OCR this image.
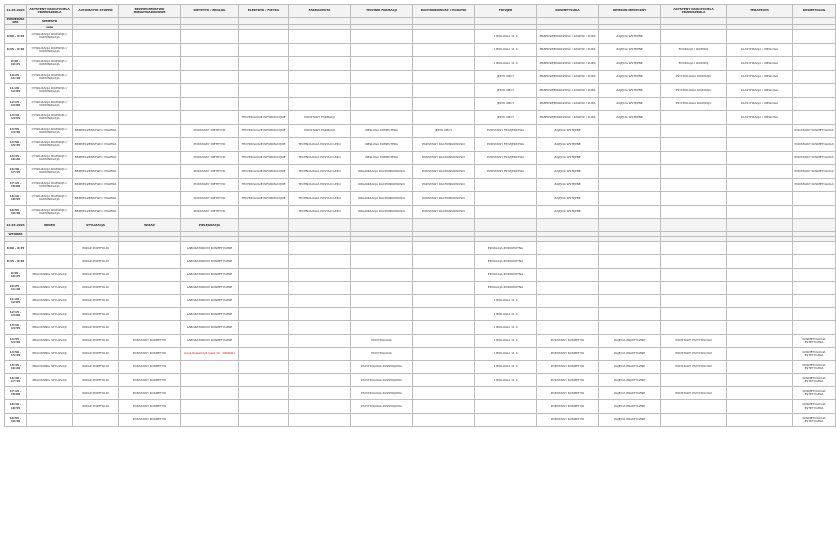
11.03.2024	ASYSTENT NAUCZYCIELA PRZEDSZKOLA	AUTOMATYK STOPEŃ	BEZPIECZEŃSTWO MIĘDZYNARODOWE	DIETETYK / EKOLOG	ELEKTRYK / FIZYKA	FARMACEUTA	TECHNIK FARMACJI	RACHUNKOWOŚĆ I PODATKI	FRYZJER	KOSMETYCZKA	OPIEKUN MEDYCZNY	ASYSTENT NAUCZYCIELA PRZEDSZKOLA	TERAPEUTA	KOSMETOLOG
PONIEDZIAŁEK	SEMESTR													
	sala													
8:00 - 8:45	CYWILIZACJA ROZWOJU / KOMUNIKACJA								1 BIOLOGIA 11 S	PRZEDSIĘBIORCZOŚĆ I ZAWÓD / KURS	ZAJĘCIA WSTĘPNE			
8:45 - 9:30	CYWILIZACJA ROZWOJU / KOMUNIKACJA								1 BIOLOGIA 11 S	PRZEDSIĘBIORCZOŚĆ I ZAWÓD / KURS	ZAJĘCIA WSTĘPNE	EDUKACJA I ROZWÓJ	KLASYFIKACJA / OBSŁUGA	
9:40 - 10:25	CYWILIZACJA ROZWOJU / KOMUNIKACJA								1 BIOLOGIA 11 S	PRZEDSIĘBIORCZOŚĆ I ZAWÓD / KURS	ZAJĘCIA WSTĘPNE	EDUKACJA I ROZWÓJ	KLASYFIKACJA / OBSŁUGA	
10:25 - 11:10	CYWILIZACJA ROZWOJU / KOMUNIKACJA								JĘZYK OBCY	PRZEDSIĘBIORCZOŚĆ I ZAWÓD / KURS	ZAJĘCIA WSTĘPNE	PSYCHOLOGIA ROZWOJU	KLASYFIKACJA / OBSŁUGA	
11:20 - 12:05	CYWILIZACJA ROZWOJU / KOMUNIKACJA								JĘZYK OBCY	PRZEDSIĘBIORCZOŚĆ I ZAWÓD / KURS	ZAJĘCIA WSTĘPNE	PSYCHOLOGIA ROZWOJU	KLASYFIKACJA / OBSŁUGA	
12:15 - 13:00	CYWILIZACJA ROZWOJU / KOMUNIKACJA								JĘZYK OBCY	PRZEDSIĘBIORCZOŚĆ I ZAWÓD / KURS	ZAJĘCIA WSTĘPNE	PSYCHOLOGIA ROZWOJU	KLASYFIKACJA / OBSŁUGA	
13:10 - 13:55	CYWILIZACJA ROZWOJU / KOMUNIKACJA				TECHNOLOGIE INFORMACYJNE	PODSTAWY FARMACJI			JĘZYK OBCY	PRZEDSIĘBIORCZOŚĆ I ZAWÓD / KURS	ZAJĘCIA WSTĘPNE		KLASYFIKACJA / OBSŁUGA	
13:55 - 14:40	CYWILIZACJA ROZWOJU / KOMUNIKACJA	BEZPIECZEŃSTWO I HIGIENA		PODSTAWY DIETETYKI	TECHNOLOGIE INFORMACYJNE	PODSTAWY FARMACJI	OBSŁUGA KOMPUTERA	JĘZYK OBCY	PODSTAWY FRYZJERSTWA	ZAJĘCIA WSTĘPNE				PODSTAWY KOSMETOLOGII
14:50 - 15:35	CYWILIZACJA ROZWOJU / KOMUNIKACJA	BEZPIECZEŃSTWO I HIGIENA		PODSTAWY DIETETYKI	TECHNOLOGIE INFORMACYJNE	TECHNOLOGIA POSTACI LEKU	OBSŁUGA KOMPUTERA	PODSTAWY RACHUNKOWOŚCI	PODSTAWY FRYZJERSTWA	ZAJĘCIA WSTĘPNE				PODSTAWY KOSMETOLOGII
15:35 - 16:20	CYWILIZACJA ROZWOJU / KOMUNIKACJA	BEZPIECZEŃSTWO I HIGIENA		PODSTAWY DIETETYKI	TECHNOLOGIE INFORMACYJNE	TECHNOLOGIA POSTACI LEKU	OBSŁUGA KOMPUTERA	PODSTAWY RACHUNKOWOŚCI	PODSTAWY FRYZJERSTWA	ZAJĘCIA WSTĘPNE				PODSTAWY KOSMETOLOGII
16:30 - 17:15	CYWILIZACJA ROZWOJU / KOMUNIKACJA	BEZPIECZEŃSTWO I HIGIENA		PODSTAWY DIETETYKI	TECHNOLOGIE INFORMACYJNE	TECHNOLOGIA POSTACI LEKU	ORGANIZACJA RACHUNKOWOŚCI	PODSTAWY RACHUNKOWOŚCI	PODSTAWY FRYZJERSTWA	ZAJĘCIA WSTĘPNE				PODSTAWY KOSMETOLOGII
17:15 - 18:00	CYWILIZACJA ROZWOJU / KOMUNIKACJA	BEZPIECZEŃSTWO I HIGIENA		PODSTAWY DIETETYKI	TECHNOLOGIE INFORMACYJNE	TECHNOLOGIA POSTACI LEKU	ORGANIZACJA RACHUNKOWOŚCI	PODSTAWY RACHUNKOWOŚCI		ZAJĘCIA WSTĘPNE				PODSTAWY KOSMETOLOGII
18:10 - 18:55	CYWILIZACJA ROZWOJU / KOMUNIKACJA	BEZPIECZEŃSTWO I HIGIENA		PODSTAWY DIETETYKI	TECHNOLOGIE INFORMACYJNE	TECHNOLOGIA POSTACI LEKU	ORGANIZACJA RACHUNKOWOŚCI	PODSTAWY RACHUNKOWOŚCI		ZAJĘCIA WSTĘPNE				
18:55 - 19:40	CYWILIZACJA ROZWOJU / KOMUNIKACJA	BEZPIECZEŃSTWO I HIGIENA		PODSTAWY DIETETYKI		TECHNOLOGIA POSTACI LEKU	ORGANIZACJA RACHUNKOWOŚCI	PODSTAWY RACHUNKOWOŚCI		ZAJĘCIA WSTĘPNE				
12.03.2024	WIDEO	STYLIZACJA	WIZAŻ	PIELĘGNACJA										
WTOREK														

8:00 - 8:45		WIZAŻ PORTFOLIO		LABORATORIUM KOSMETYCZNE					EDUKACJA ZDROWOTNA					
8:45 - 9:30		WIZAŻ PORTFOLIO		LABORATORIUM KOSMETYCZNE					EDUKACJA ZDROWOTNA					
9:40 - 10:25	PRACOWNIA STYLIZACJI	WIZAŻ PORTFOLIO		LABORATORIUM KOSMETYCZNE					EDUKACJA ZDROWOTNA					
10:25 - 11:10	PRACOWNIA STYLIZACJI	WIZAŻ PORTFOLIO		LABORATORIUM KOSMETYCZNE					EDUKACJA ZDROWOTNA					
11:20 - 12:05	PRACOWNIA STYLIZACJI	WIZAŻ PORTFOLIO		LABORATORIUM KOSMETYCZNE					1 BIOLOGIA 11 S					
12:15 - 13:00	PRACOWNIA STYLIZACJI	WIZAŻ PORTFOLIO		LABORATORIUM KOSMETYCZNE					1 BIOLOGIA 11 S					
13:10 - 13:55	PRACOWNIA STYLIZACJI	WIZAŻ PORTFOLIO		LABORATORIUM KOSMETYCZNE					1 BIOLOGIA 11 S					
13:55 - 14:40	PRACOWNIA STYLIZACJI	WIZAŻ PORTFOLIO	PODSTAWY KOSMETYKI	LABORATORIUM KOSMETYCZNE			PSYCHOLOGIA		1 BIOLOGIA 11 S	PODSTAWY KOSMETYKI	ZAJĘCIA PRAKTYCZNE	PODSTAWY PSYCHOLOGII		KOSMETOLOGIA ESTETYCZNA
14:50 - 15:35	PRACOWNIA STYLIZACJI	WIZAŻ PORTFOLIO	PODSTAWY KOSMETYKI	Anna Kowalczyk (sala 12 - ODWOŁ)			PSYCHOLOGIA		1 BIOLOGIA 11 S	PODSTAWY KOSMETYKI	ZAJĘCIA PRAKTYCZNE	PODSTAWY PSYCHOLOGII		KOSMETOLOGIA ESTETYCZNA
15:35 - 16:20	PRACOWNIA STYLIZACJI	WIZAŻ PORTFOLIO	PODSTAWY KOSMETYKI				PSYCHOLOGIA ROZWOJOWA		1 BIOLOGIA 11 S	PODSTAWY KOSMETYKI	ZAJĘCIA PRAKTYCZNE	PODSTAWY PSYCHOLOGII		KOSMETOLOGIA ESTETYCZNA
16:30 - 17:15	PRACOWNIA STYLIZACJI	WIZAŻ PORTFOLIO	PODSTAWY KOSMETYKI				PSYCHOLOGIA ROZWOJOWA		1 BIOLOGIA 11 S	PODSTAWY KOSMETYKI	ZAJĘCIA PRAKTYCZNE			KOSMETOLOGIA ESTETYCZNA
17:15 - 18:00		WIZAŻ PORTFOLIO	PODSTAWY KOSMETYKI				PSYCHOLOGIA ROZWOJOWA			PODSTAWY KOSMETYKI	ZAJĘCIA PRAKTYCZNE	PODSTAWY PSYCHOLOGII		KOSMETOLOGIA ESTETYCZNA
18:10 - 18:55		WIZAŻ PORTFOLIO	PODSTAWY KOSMETYKI				PSYCHOLOGIA ROZWOJOWA			PODSTAWY KOSMETYKI	ZAJĘCIA PRAKTYCZNE			KOSMETOLOGIA ESTETYCZNA
18:55 - 19:40			PODSTAWY KOSMETYKI							PODSTAWY KOSMETYKI	ZAJĘCIA PRAKTYCZNE			KOSMETOLOGIA ESTETYCZNA
